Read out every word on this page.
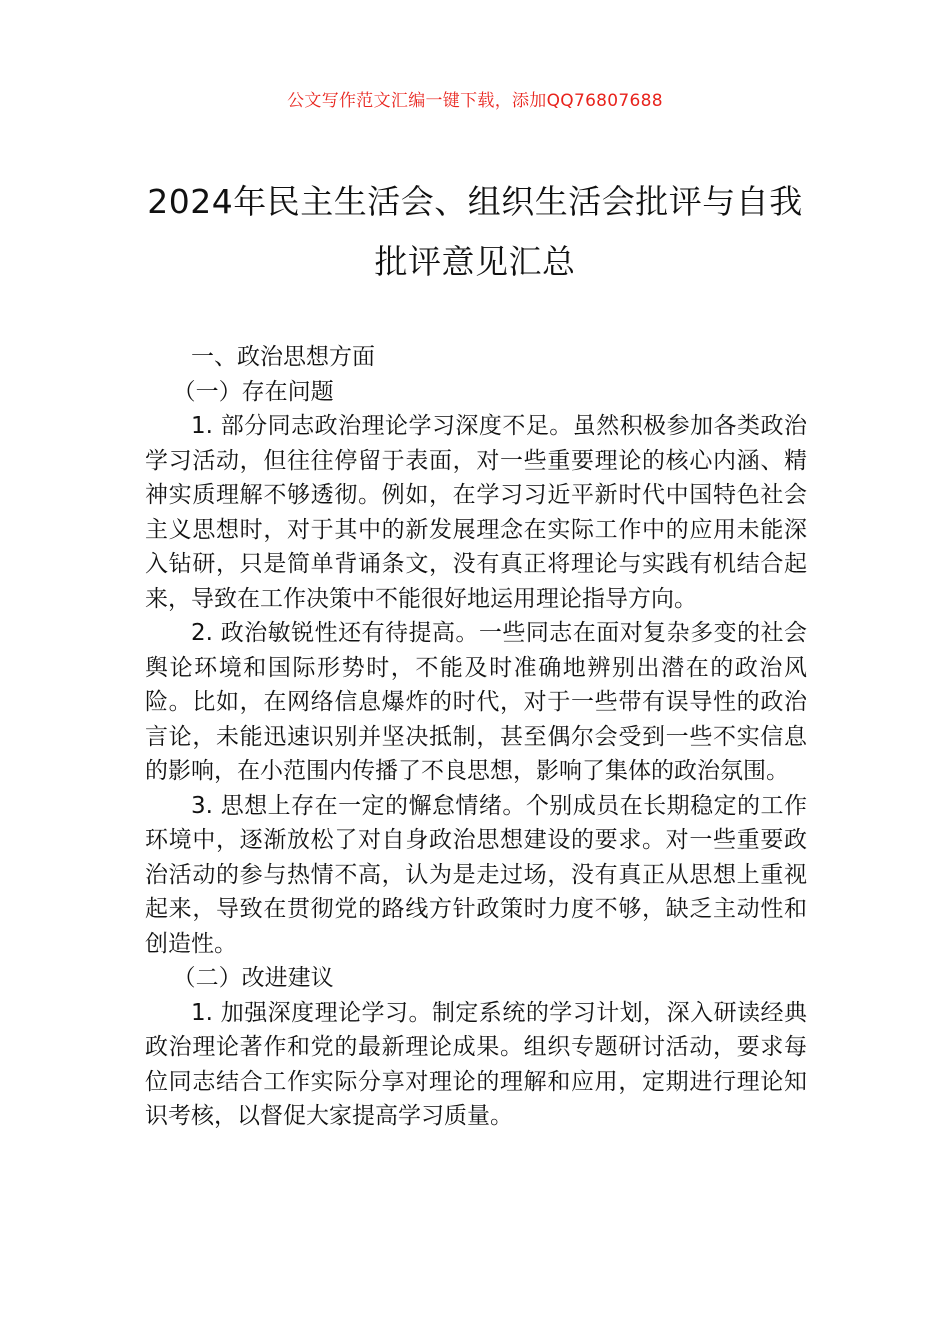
公文写作范文汇编一键下载，添加QQ76807688
2024年民主生活会、组织生活会批评与自我批评意见汇总

一、政治思想方面

（一）存在问题

1. 部分同志政治理论学习深度不足。虽然积极参加各类政治学习活动，但往往停留于表面，对一些重要理论的核心内涵、精神实质理解不够透彻。例如，在学习习近平新时代中国特色社会主义思想时，对于其中的新发展理念在实际工作中的应用未能深入钻研，只是简单背诵条文，没有真正将理论与实践有机结合起来，导致在工作决策中不能很好地运用理论指导方向。

2. 政治敏锐性还有待提高。一些同志在面对复杂多变的社会舆论环境和国际形势时，不能及时准确地辨别出潜在的政治风险。比如，在网络信息爆炸的时代，对于一些带有误导性的政治言论，未能迅速识别并坚决抵制，甚至偶尔会受到一些不实信息的影响，在小范围内传播了不良思想，影响了集体的政治氛围。

3. 思想上存在一定的懈怠情绪。个别成员在长期稳定的工作环境中，逐渐放松了对自身政治思想建设的要求。对一些重要政治活动的参与热情不高，认为是走过场，没有真正从思想上重视起来，导致在贯彻党的路线方针政策时力度不够，缺乏主动性和创造性。

（二）改进建议

1. 加强深度理论学习。制定系统的学习计划，深入研读经典政治理论著作和党的最新理论成果。组织专题研讨活动，要求每位同志结合工作实际分享对理论的理解和应用，定期进行理论知识考核，以督促大家提高学习质量。
